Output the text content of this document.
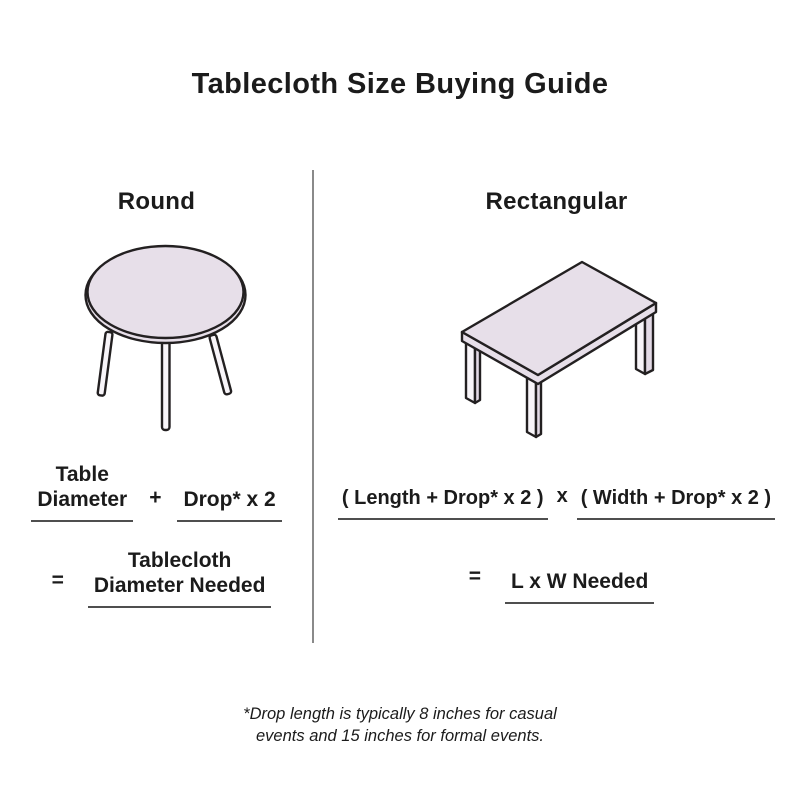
Tablecloth Size Buying Guide
Round	Rectangular
Table
Diameter + Drop* x 2
=
Tablecloth
Diameter Needed
( Length + Drop* x 2 ) x ( Width + Drop* x 2 )
=	L x W Needed
*Drop length is typically 8 inches for casual
events and 15 inches for formal events.
